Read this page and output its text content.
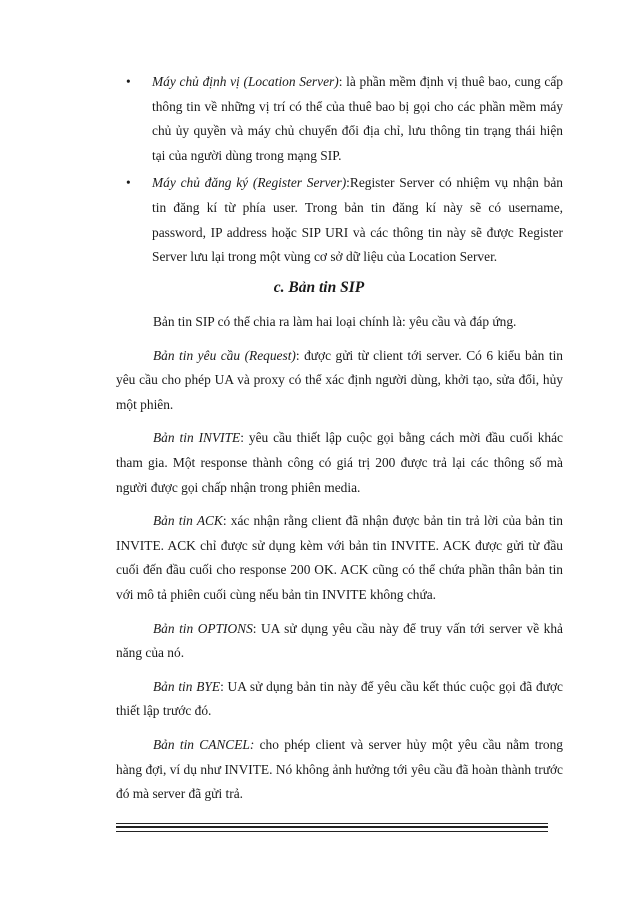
• Máy chủ định vị (Location Server): là phần mềm định vị thuê bao, cung cấp thông tin về những vị trí có thể của thuê bao bị gọi cho các phần mềm máy chủ ủy quyền và máy chủ chuyển đổi địa chỉ, lưu thông tin trạng thái hiện tại của người dùng trong mạng SIP.
• Máy chủ đăng ký (Register Server):Register Server có nhiệm vụ nhận bản tin đăng kí từ phía user. Trong bản tin đăng kí này sẽ có username, password, IP address hoặc SIP URI và các thông tin này sẽ được Register Server lưu lại trong một vùng cơ sở dữ liệu của Location Server.
c. Bản tin SIP

Bản tin SIP có thể chia ra làm hai loại chính là: yêu cầu và đáp ứng.

Bản tin yêu cầu (Request): được gửi từ client tới server. Có 6 kiểu bản tin yêu cầu cho phép UA và proxy có thể xác định người dùng, khởi tạo, sửa đổi, hủy một phiên.

Bản tin INVITE: yêu cầu thiết lập cuộc gọi bằng cách mời đầu cuối khác tham gia. Một response thành công có giá trị 200 được trả lại các thông số mà người được gọi chấp nhận trong phiên media.

Bản tin ACK: xác nhận rằng client đã nhận được bản tin trả lời của bản tin INVITE. ACK chỉ được sử dụng kèm với bản tin INVITE. ACK được gửi từ đầu cuối đến đầu cuối cho response 200 OK. ACK cũng có thể chứa phần thân bản tin với mô tả phiên cuối cùng nếu bản tin INVITE không chứa.

Bản tin OPTIONS: UA sử dụng yêu cầu này để truy vấn tới server về khả năng của nó.

Bản tin BYE: UA sử dụng bản tin này để yêu cầu kết thúc cuộc gọi đã được thiết lập trước đó.

Bản tin CANCEL: cho phép client và server hủy một yêu cầu nằm trong hàng đợi, ví dụ như INVITE. Nó không ảnh hưởng tới yêu cầu đã hoàn thành trước đó mà server đã gửi trả.
